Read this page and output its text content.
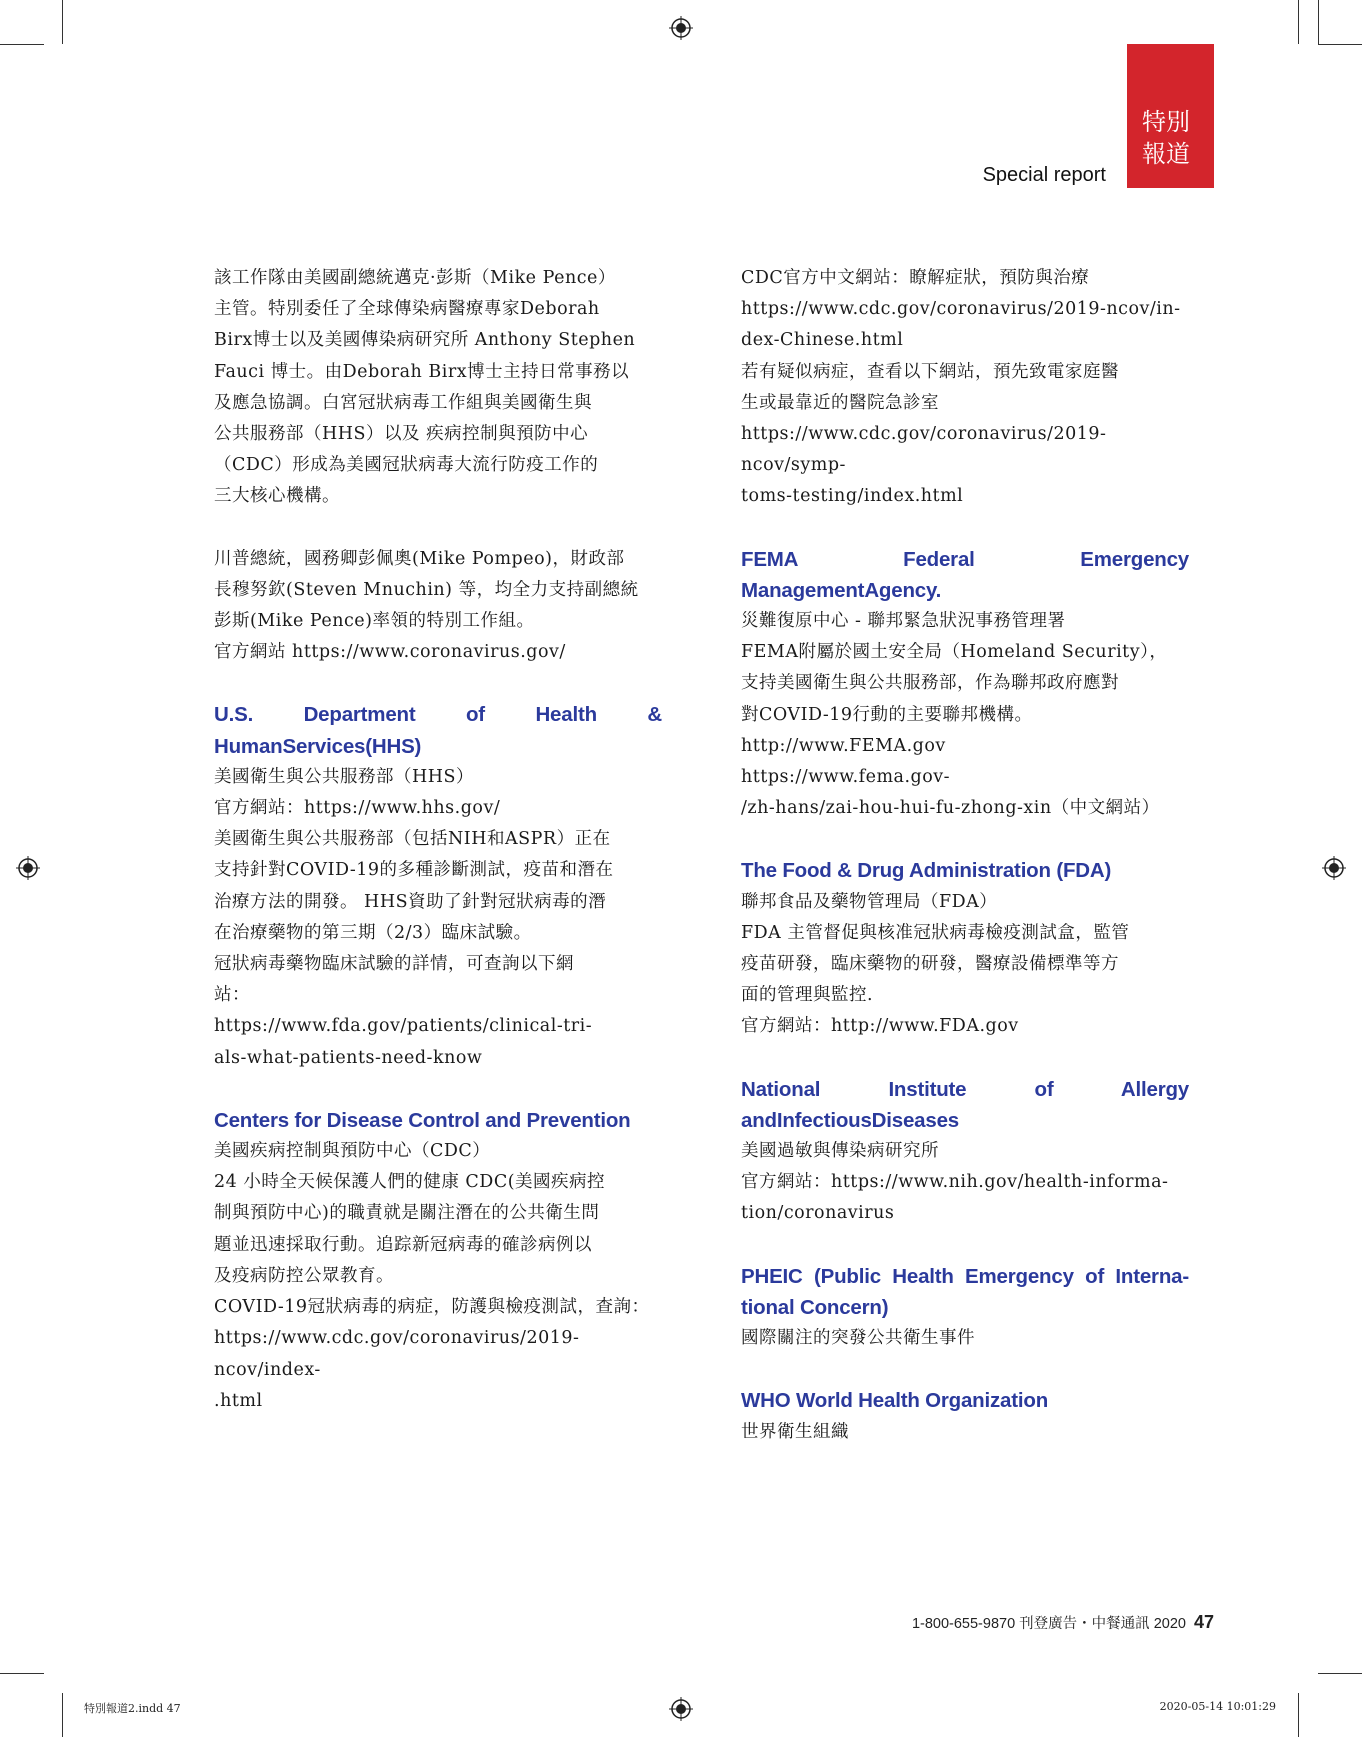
特別
報道
Special report

該工作隊由美國副總統邁克·彭斯（Mike Pence）
主管。特別委任了全球傳染病醫療專家Deborah
Birx博士以及美國傳染病研究所 Anthony Stephen
Fauci 博士。由Deborah Birx博士主持日常事務以
及應急協調。白宮冠狀病毒工作組與美國衛生與
公共服務部（HHS）以及 疾病控制與預防中心
（CDC）形成為美國冠狀病毒大流行防疫工作的
三大核心機構。

川普總統，國務卿彭佩奧(Mike Pompeo)，財政部
長穆努欽(Steven Mnuchin) 等，均全力支持副總統
彭斯(Mike Pence)率領的特別工作組。
官方網站 https://www.coronavirus.gov/

U.S. Department of Health & HumanServices(HHS)

美國衛生與公共服務部（HHS）
官方網站：https://www.hhs.gov/
美國衛生與公共服務部（包括NIH和ASPR）正在
支持針對COVID-19的多種診斷測試，疫苗和潛在
治療方法的開發。 HHS資助了針對冠狀病毒的潛
在治療藥物的第三期（2/3）臨床試驗。
冠狀病毒藥物臨床試驗的詳情，可查詢以下網
站：
https://www.fda.gov/patients/clinical-tri-
als-what-patients-need-know

Centers for Disease Control and Prevention

美國疾病控制與預防中心（CDC）
24 小時全天候保護人們的健康 CDC(美國疾病控
制與預防中心)的職責就是關注潛在的公共衛生問
題並迅速採取行動。追踪新冠病毒的確診病例以
及疫病防控公眾教育。
COVID-19冠狀病毒的病症，防護與檢疫測試，查詢：
https://www.cdc.gov/coronavirus/2019-ncov/index-
.html

CDC官方中文網站：瞭解症狀，預防與治療
https://www.cdc.gov/coronavirus/2019-ncov/in-
dex-Chinese.html
若有疑似病症，查看以下網站，預先致電家庭醫
生或最靠近的醫院急診室
https://www.cdc.gov/coronavirus/2019-ncov/symp-
toms-testing/index.html

FEMA Federal Emergency ManagementAgency.

災難復原中心 - 聯邦緊急狀況事務管理署
FEMA附屬於國土安全局（Homeland Security），
支持美國衛生與公共服務部，作為聯邦政府應對
對COVID-19行動的主要聯邦機構。
http://www.FEMA.gov
https://www.fema.gov-
/zh-hans/zai-hou-hui-fu-zhong-xin（中文網站）

The Food & Drug Administration (FDA)

聯邦食品及藥物管理局（FDA）
FDA 主管督促與核准冠狀病毒檢疫測試盒，監管
疫苗研發，臨床藥物的研發，醫療設備標準等方
面的管理與監控.
官方網站：http://www.FDA.gov

National Institute of Allergy andInfectiousDiseases

美國過敏與傳染病研究所
官方網站：https://www.nih.gov/health-informa-
tion/coronavirus

PHEIC (Public Health Emergency of Interna-tional Concern)

國際關注的突發公共衛生事件

WHO World Health Organization

世界衛生組織

1-800-655-9870 刊登廣告・中餐通訊 2020 47
特別報道2.indd 47	2020-05-14 10:01:29
